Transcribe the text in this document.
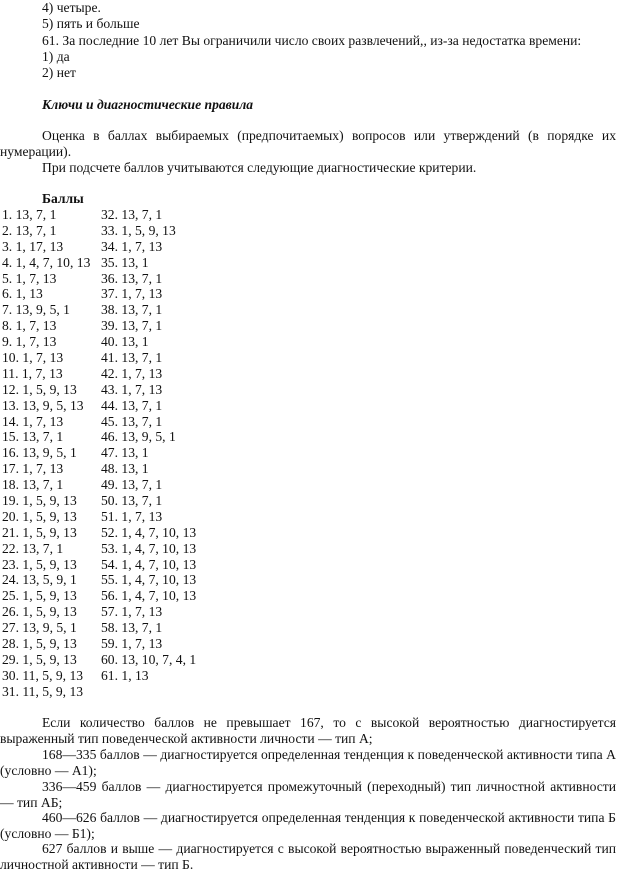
4) четыре.
5) пять и больше
61. За последние 10 лет Вы ограничили число своих развлечений,, из-за недостатка времени:
1) да
2) нет
Ключи и диагностические правила
Оценка в баллах выбираемых (предпочитаемых) вопросов или утверждений (в порядке их нумерации).
При подсчете баллов учитываются следующие диагностические критерии.
Баллы
1. 13, 7, 1
2. 13, 7, 1
3. 1, 17, 13
4. 1, 4, 7, 10, 13
5. 1, 7, 13
6. 1, 13
7. 13, 9, 5, 1
8. 1, 7, 13
9. 1, 7, 13
10. 1, 7, 13
11. 1, 7, 13
12. 1, 5, 9, 13
13. 13, 9, 5, 13
14. 1, 7, 13
15. 13, 7, 1
16. 13, 9, 5, 1
17. 1, 7, 13
18. 13, 7, 1
19. 1, 5, 9, 13
20. 1, 5, 9, 13
21. 1, 5, 9, 13
22. 13, 7, 1
23. 1, 5, 9, 13
24. 13, 5, 9, 1
25. 1, 5, 9, 13
26. 1, 5, 9, 13
27. 13, 9, 5, 1
28. 1, 5, 9, 13
29. 1, 5, 9, 13
30. 11, 5, 9, 13
31. 11, 5, 9, 13
32. 13, 7, 1
33. 1, 5, 9, 13
34. 1, 7, 13
35. 13, 1
36. 13, 7, 1
37. 1, 7, 13
38. 13, 7, 1
39. 13, 7, 1
40. 13, 1
41. 13, 7, 1
42. 1, 7, 13
43. 1, 7, 13
44. 13, 7, 1
45. 13, 7, 1
46. 13, 9, 5, 1
47. 13, 1
48. 13, 1
49. 13, 7, 1
50. 13, 7, 1
51. 1, 7, 13
52. 1, 4, 7, 10, 13
53. 1, 4, 7, 10, 13
54. 1, 4, 7, 10, 13
55. 1, 4, 7, 10, 13
56. 1, 4, 7, 10, 13
57. 1, 7, 13
58. 13, 7, 1
59. 1, 7, 13
60. 13, 10, 7, 4, 1
61. 1, 13
Если количество баллов не превышает 167, то с высокой вероятностью диагностируется выраженный тип поведенческой активности личности — тип А;
168—335 баллов — диагностируется определенная тенденция к поведенческой активности типа А (условно — А1);
336—459 баллов — диагностируется промежуточный (переходный) тип личностной активности — тип АБ;
460—626 баллов — диагностируется определенная тенденция к поведенческой активности типа Б (условно — Б1);
627 баллов и выше — диагностируется с высокой вероятностью выраженный поведенческий тип личностной активности — тип Б.
